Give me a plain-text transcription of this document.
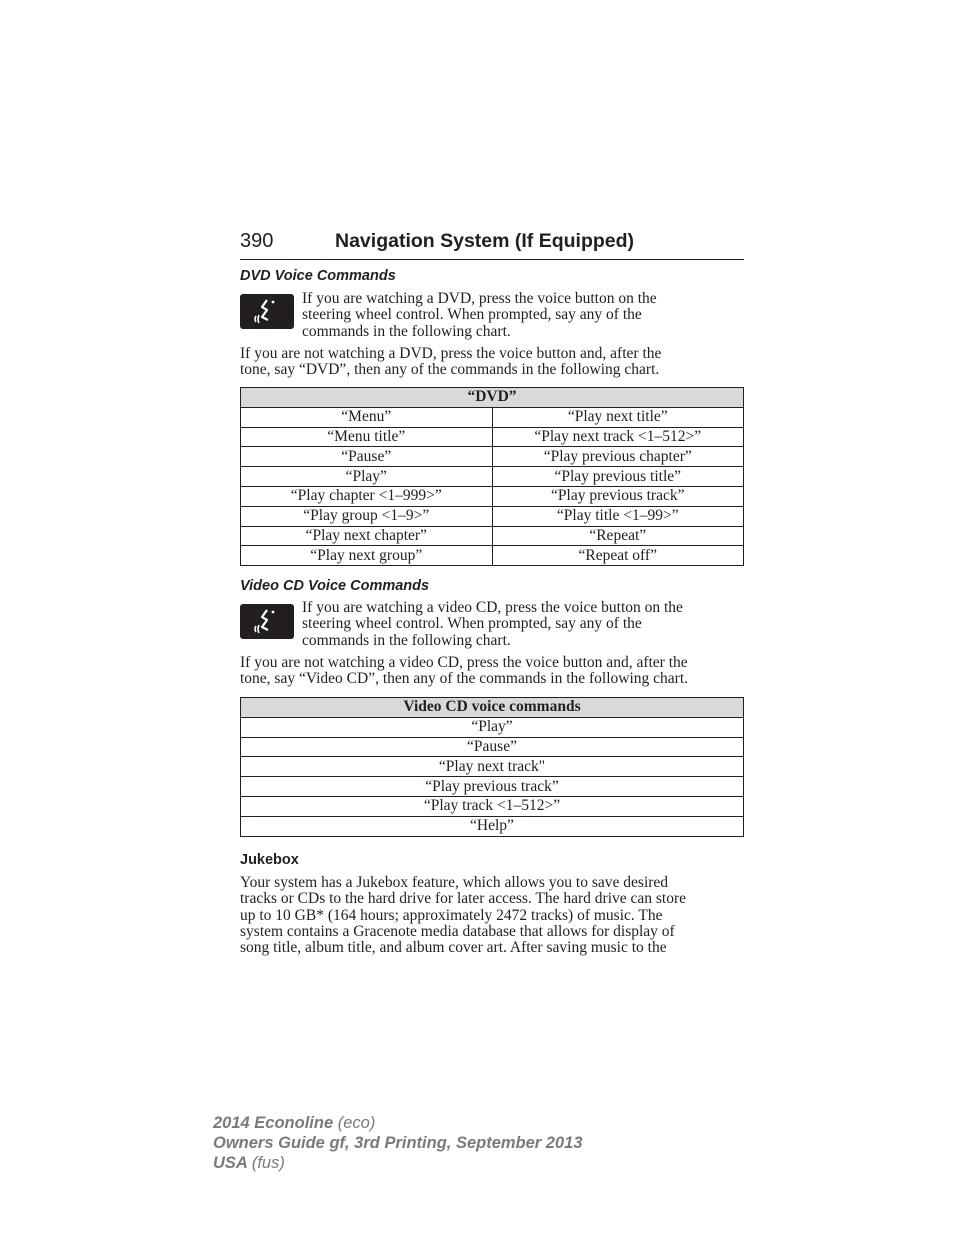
390	Navigation System (If Equipped)
DVD Voice Commands

If you are watching a DVD, press the voice button on the
steering wheel control. When prompted, say any of the
commands in the following chart.

If you are not watching a DVD, press the voice button and, after the
tone, say “DVD”, then any of the commands in the following chart.

“DVD”	
“Menu”	“Play next title”
“Menu title”	“Play next track <1–512>”
“Pause”	“Play previous chapter”
“Play”	“Play previous title”
“Play chapter <1–999>”	“Play previous track”
“Play group <1–9>”	“Play title <1–99>”
“Play next chapter”	“Repeat”
“Play next group”	“Repeat off”
Video CD Voice Commands

If you are watching a video CD, press the voice button on the
steering wheel control. When prompted, say any of the
commands in the following chart.

If you are not watching a video CD, press the voice button and, after the
tone, say “Video CD”, then any of the commands in the following chart.

Video CD voice commands
“Play”
“Pause”
“Play next track"
“Play previous track”
“Play track <1–512>”
“Help”
Jukebox

Your system has a Jukebox feature, which allows you to save desired
tracks or CDs to the hard drive for later access. The hard drive can store
up to 10 GB* (164 hours; approximately 2472 tracks) of music. The
system contains a Gracenote media database that allows for display of
song title, album title, and album cover art. After saving music to the

2014 Econoline (eco)
Owners Guide gf, 3rd Printing, September 2013
USA (fus)
